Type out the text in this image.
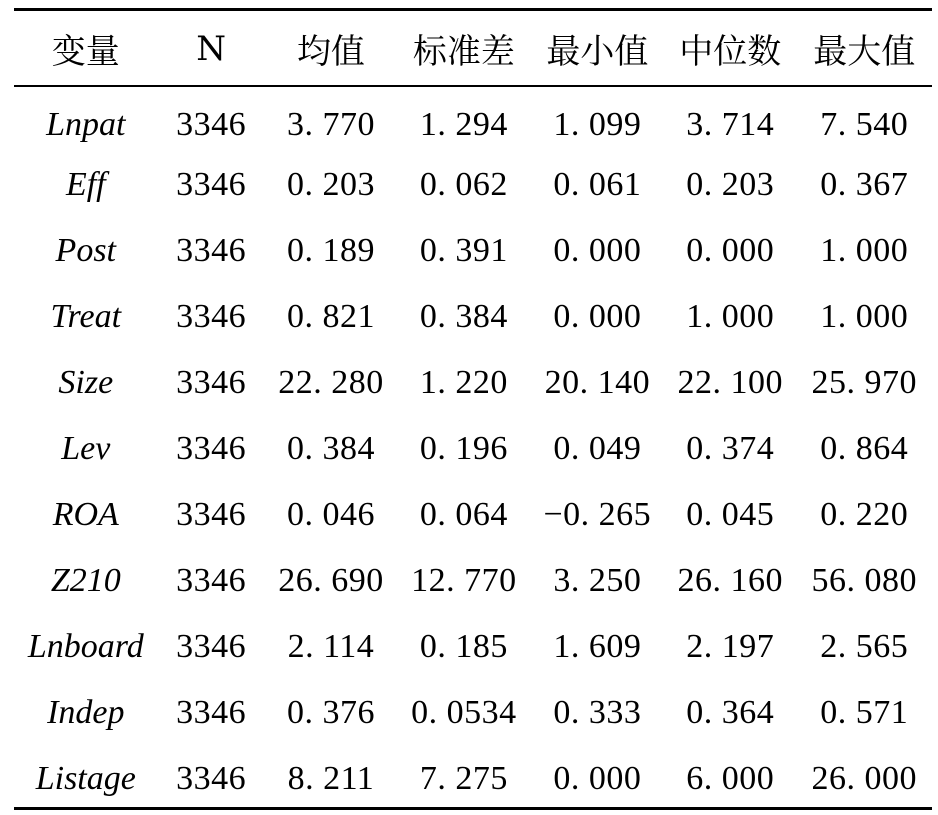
变量	N	均值	标准差	最小值	中位数	最大值
Lnpat	3346	3. 770	1. 294	1. 099	3. 714	7. 540
Eff	3346	0. 203	0. 062	0. 061	0. 203	0. 367
Post	3346	0. 189	0. 391	0. 000	0. 000	1. 000
Treat	3346	0. 821	0. 384	0. 000	1. 000	1. 000
Size	3346	22. 280	1. 220	20. 140	22. 100	25. 970
Lev	3346	0. 384	0. 196	0. 049	0. 374	0. 864
ROA	3346	0. 046	0. 064	−0. 265	0. 045	0. 220
Z210	3346	26. 690	12. 770	3. 250	26. 160	56. 080
Lnboard	3346	2. 114	0. 185	1. 609	2. 197	2. 565
Indep	3346	0. 376	0. 0534	0. 333	0. 364	0. 571
Listage	3346	8. 211	7. 275	0. 000	6. 000	26. 000
